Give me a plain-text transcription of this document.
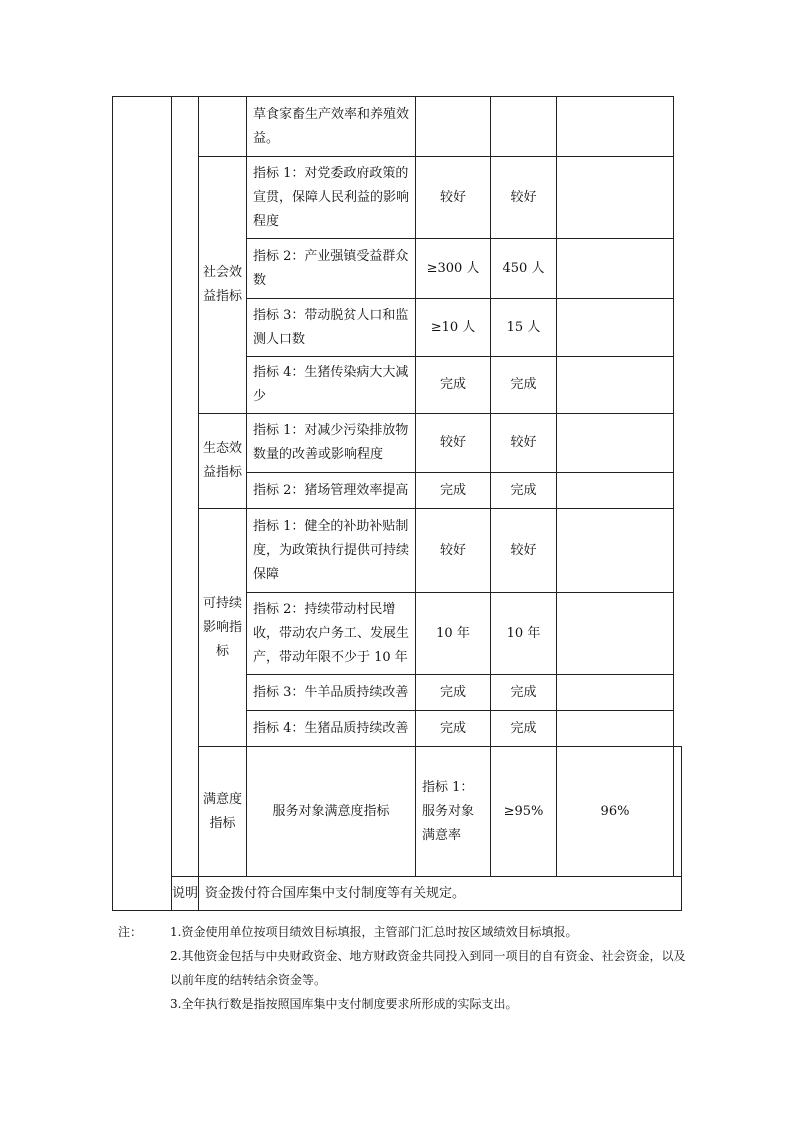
			草食家畜生产效率和养殖效益。				
		社会效益指标	指标 1：对党委政府政策的宣贯，保障人民利益的影响程度	较好	较好		
			指标 2：产业强镇受益群众数	≥300 人	450 人		
			指标 3：带动脱贫人口和监测人口数	≥10 人	15 人		
			指标 4：生猪传染病大大减少	完成	完成		
		生态效益指标	指标 1：对减少污染排放物数量的改善或影响程度	较好	较好		
			指标 2：猪场管理效率提高	完成	完成		
		可持续影响指标	指标 1：健全的补助补贴制度，为政策执行提供可持续保障	较好	较好		
			指标 2：持续带动村民增收，带动农户务工、发展生产，带动年限不少于 10 年	10 年	10 年		
			指标 3：牛羊品质持续改善	完成	完成		
			指标 4：生猪品质持续改善	完成	完成		
		满意度指标	服务对象满意度指标	指标 1：服务对象满意率	≥95%	96%	
	说明	资金拨付符合国库集中支付制度等有关规定。					

注：	1.资金使用单位按项目绩效目标填报，主管部门汇总时按区域绩效目标填报。

2.其他资金包括与中央财政资金、地方财政资金共同投入到同一项目的自有资金、社会资金，以及以前年度的结转结余资金等。

3.全年执行数是指按照国库集中支付制度要求所形成的实际支出。
